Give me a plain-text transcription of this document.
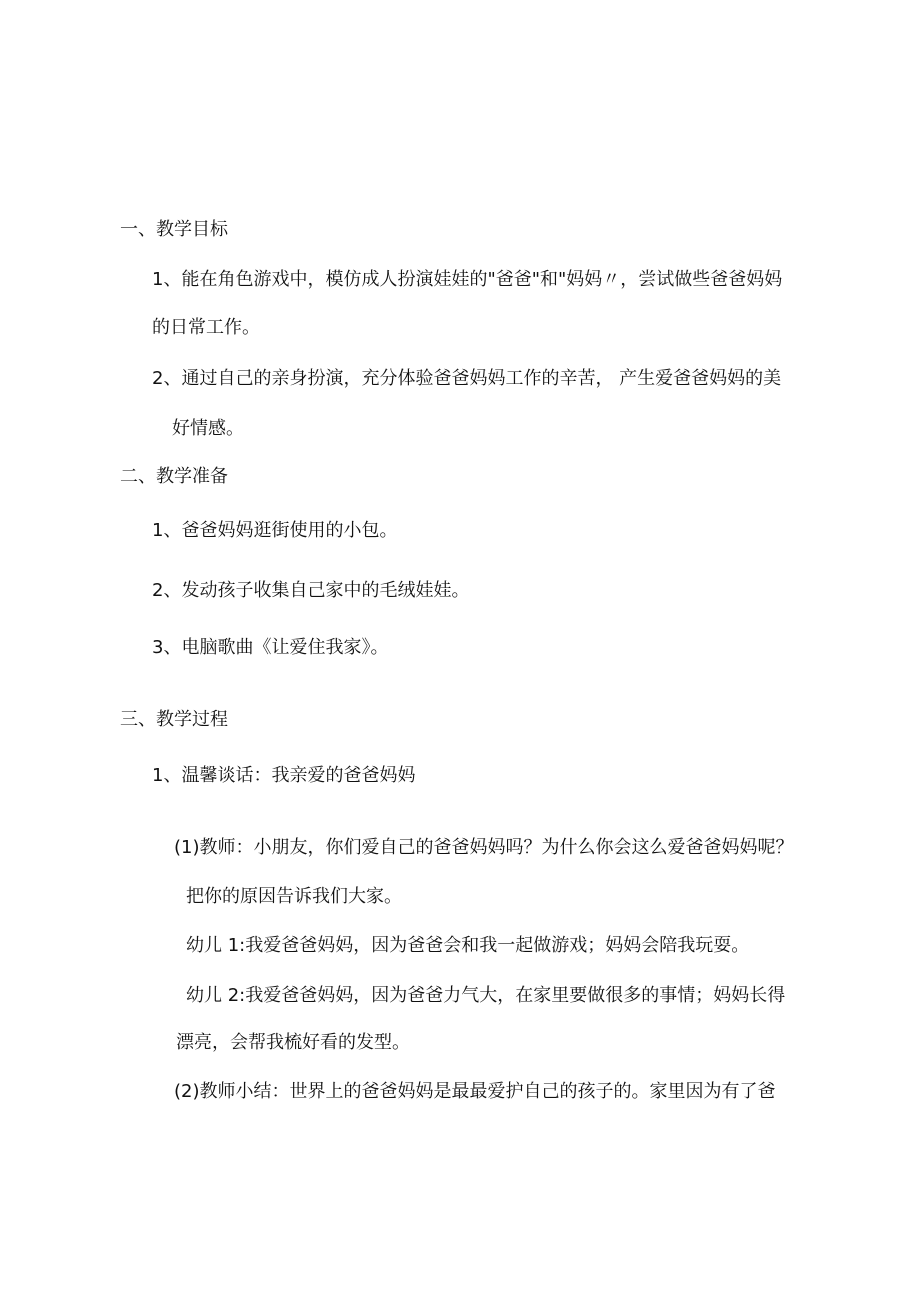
一、教学目标
1、能在角色游戏中，模仿成人扮演娃娃的"爸爸"和"妈妈〃，尝试做些爸爸妈妈
的日常工作。
2、通过自己的亲身扮演，充分体验爸爸妈妈工作的辛苦， 产生爱爸爸妈妈的美
好情感。
二、教学准备
1、爸爸妈妈逛街使用的小包。
2、发动孩子收集自己家中的毛绒娃娃。
3、电脑歌曲《让爱住我家》。
三、教学过程
1、温馨谈话：我亲爱的爸爸妈妈
(1)教师：小朋友，你们爱自己的爸爸妈妈吗？为什么你会这么爱爸爸妈妈呢？
把你的原因告诉我们大家。
幼儿 1:我爱爸爸妈妈，因为爸爸会和我一起做游戏；妈妈会陪我玩耍。
幼儿 2:我爱爸爸妈妈，因为爸爸力气大，在家里要做很多的事情；妈妈长得
漂亮，会帮我梳好看的发型。
(2)教师小结：世界上的爸爸妈妈是最最爱护自己的孩子的。家里因为有了爸
